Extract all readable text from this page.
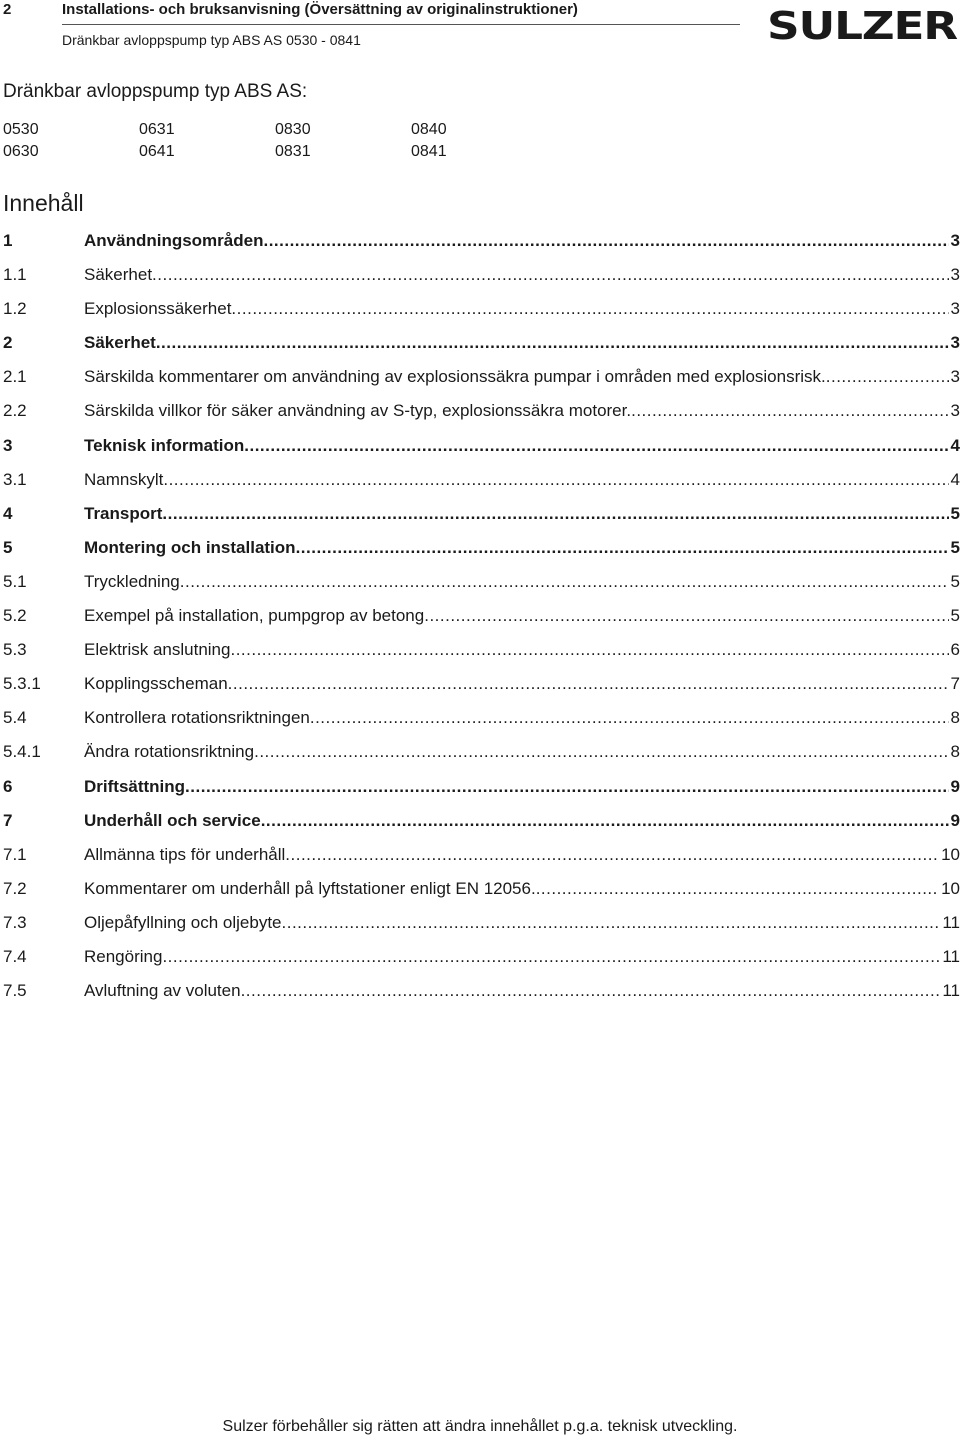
2	Installations- och bruksanvisning (Översättning av originalinstruktioner)
Dränkbar avloppspump typ ABS AS 0530 - 0841	SULZER
Dränkbar avloppspump typ ABS AS:
0530	0631	0830	0840
0630	0641	0831	0841
Innehåll
1	Användningsområden .....	3
1.1	Säkerhet .....	3
1.2	Explosionssäkerhet .....	3
2	Säkerhet .....	3
2.1	Särskilda kommentarer om användning av explosionssäkra pumpar i områden med explosionsrisk. .....	3
2.2	Särskilda villkor för säker användning av S-typ, explosionssäkra motorer. .....	3
3	Teknisk information .....	4
3.1	Namnskylt .....	4
4	Transport .....	5
5	Montering och installation .....	5
5.1	Tryckledning .....	5
5.2	Exempel på installation, pumpgrop av betong .....	5
5.3	Elektrisk anslutning .....	6
5.3.1	Kopplingsscheman .....	7
5.4	Kontrollera rotationsriktningen .....	8
5.4.1	Ändra rotationsriktning .....	8
6	Driftsättning .....	9
7	Underhåll och service .....	9
7.1	Allmänna tips för underhåll .....	10
7.2	Kommentarer om underhåll på lyftstationer enligt EN 12056. .....	10
7.3	Oljepåfyllning och oljebyte .....	11
7.4	Rengöring .....	11
7.5	Avluftning av voluten .....	11
Sulzer förbehåller sig rätten att ändra innehållet p.g.a. teknisk utveckling.
